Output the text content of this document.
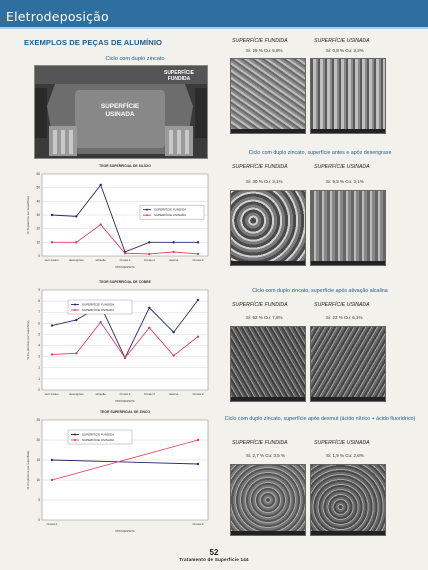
Eletrodeposição
EXEMPLOS DE PEÇAS DE ALUMÍNIO
Ciclo com duplo zincato
SUPERFÍCIE FUNDIDA
SUPERFÍCIE USINADA
TEOR SUPERFICIAL DE SILÍCIO
0
10
20
30
40
50
60
sem tratam.	desengraxe	ativação	zincato 1	zincato 2	desmut	zincato 2
PROCESSOS
% Si (átomos por superfície)	SUPERFÍCIE FUNDIDA
SUPERFÍCIE USINADA
TEOR SUPERFICIAL DE COBRE
0
1
2
3
4
5
6
7
8
9
sem tratam.	desengraxe	ativação	zincato 1	zincato 2	desmut	zincato 2
PROCESSOS
% Cu (átomos por superfície)
SUPERFÍCIE FUNDIDA
SUPERFÍCIE USINADA
TEOR SUPERFICIAL DE ZINCO
0
5
10
15
20
25
zincato 1	zincato 2
PROCESSOS
% Zn (átomos por superfície)
SUPERFÍCIE FUNDIDA
SUPERFÍCIE USINADA
SUPERFÍCIE FUNDIDA	SUPERFÍCIE USINADA
Si: 29 % Cu: 5,8%	Si: 0,8 % Cu: 3,2%
Ciclo com duplo zincato, superfície antes e após desengraxe
SUPERFÍCIE FUNDIDA	SUPERFÍCIE USINADA
Si: 30 % Cu: 3,1%	Si: 9,5 % Cu: 3,1%
Ciclo com duplo zincato, superfície após ativação alcalina
SUPERFÍCIE FUNDIDA	SUPERFÍCIE USINADA
Si: 52 % Cu: 7,6%	Si: 23 % Cu: 6,1%
Ciclo com duplo zincato, superfície após desmut (ácido nítrico + ácido fluorídrico)
SUPERFÍCIE FUNDIDA	SUPERFÍCIE USINADA
Si: 2,7 % Cu: 3,5 %	Si: 1,9 % Cu: 2,6%
52
Tratamento de Superfície 144
